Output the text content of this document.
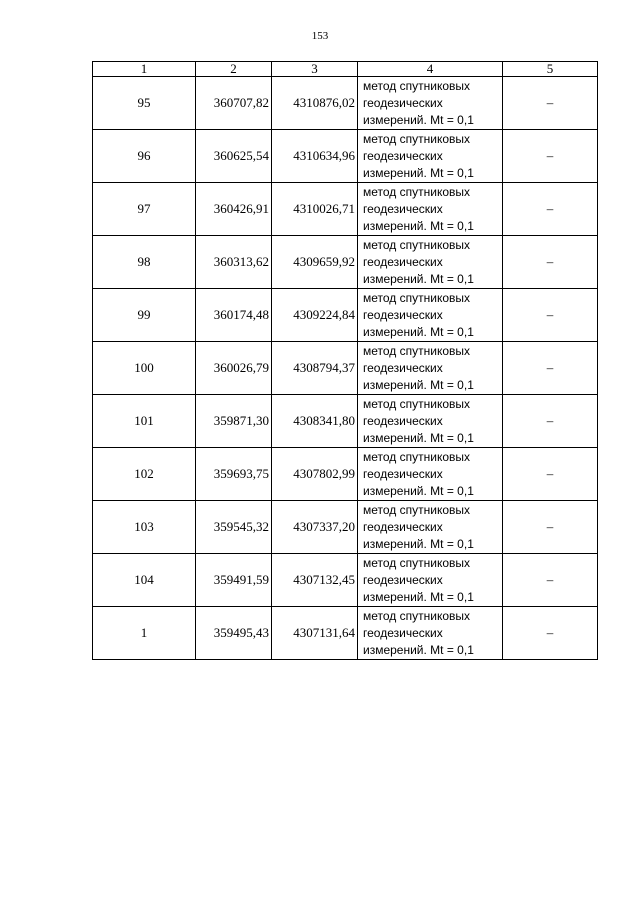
153
1	2	3	4	5
95	360707,82	4310876,02	метод спутниковых
геодезических
измерений. Mt = 0,1	–
96	360625,54	4310634,96	метод спутниковых
геодезических
измерений. Mt = 0,1	–
97	360426,91	4310026,71	метод спутниковых
геодезических
измерений. Mt = 0,1	–
98	360313,62	4309659,92	метод спутниковых
геодезических
измерений. Mt = 0,1	–
99	360174,48	4309224,84	метод спутниковых
геодезических
измерений. Mt = 0,1	–
100	360026,79	4308794,37	метод спутниковых
геодезических
измерений. Mt = 0,1	–
101	359871,30	4308341,80	метод спутниковых
геодезических
измерений. Mt = 0,1	–
102	359693,75	4307802,99	метод спутниковых
геодезических
измерений. Mt = 0,1	–
103	359545,32	4307337,20	метод спутниковых
геодезических
измерений. Mt = 0,1	–
104	359491,59	4307132,45	метод спутниковых
геодезических
измерений. Mt = 0,1	–
1	359495,43	4307131,64	метод спутниковых
геодезических
измерений. Mt = 0,1	–
